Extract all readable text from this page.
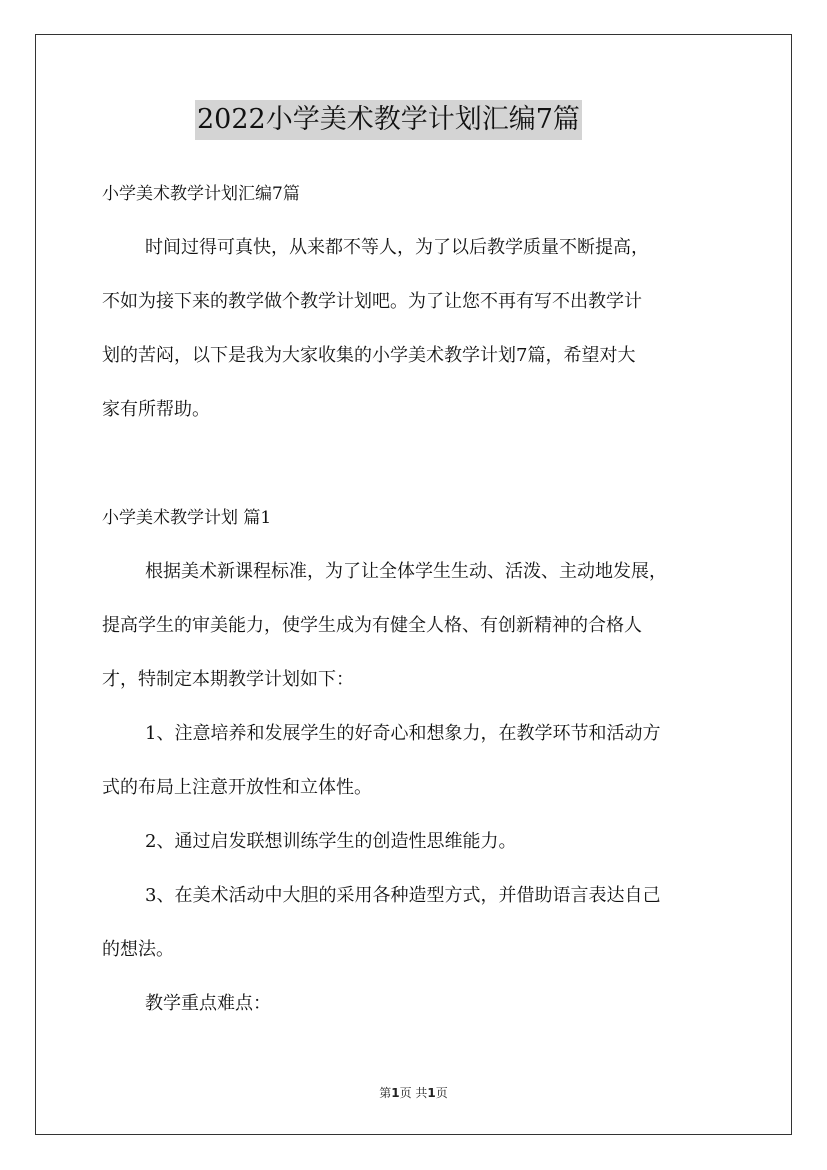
2022小学美术教学计划汇编7篇
小学美术教学计划汇编7篇
时间过得可真快，从来都不等人，为了以后教学质量不断提高，
不如为接下来的教学做个教学计划吧。为了让您不再有写不出教学计
划的苦闷，以下是我为大家收集的小学美术教学计划7篇，希望对大
家有所帮助。
小学美术教学计划 篇1
根据美术新课程标准，为了让全体学生生动、活泼、主动地发展，
提高学生的审美能力，使学生成为有健全人格、有创新精神的合格人
才，特制定本期教学计划如下：
1、注意培养和发展学生的好奇心和想象力，在教学环节和活动方
式的布局上注意开放性和立体性。
2、通过启发联想训练学生的创造性思维能力。
3、在美术活动中大胆的采用各种造型方式，并借助语言表达自己
的想法。
教学重点难点：
第1页 共1页
